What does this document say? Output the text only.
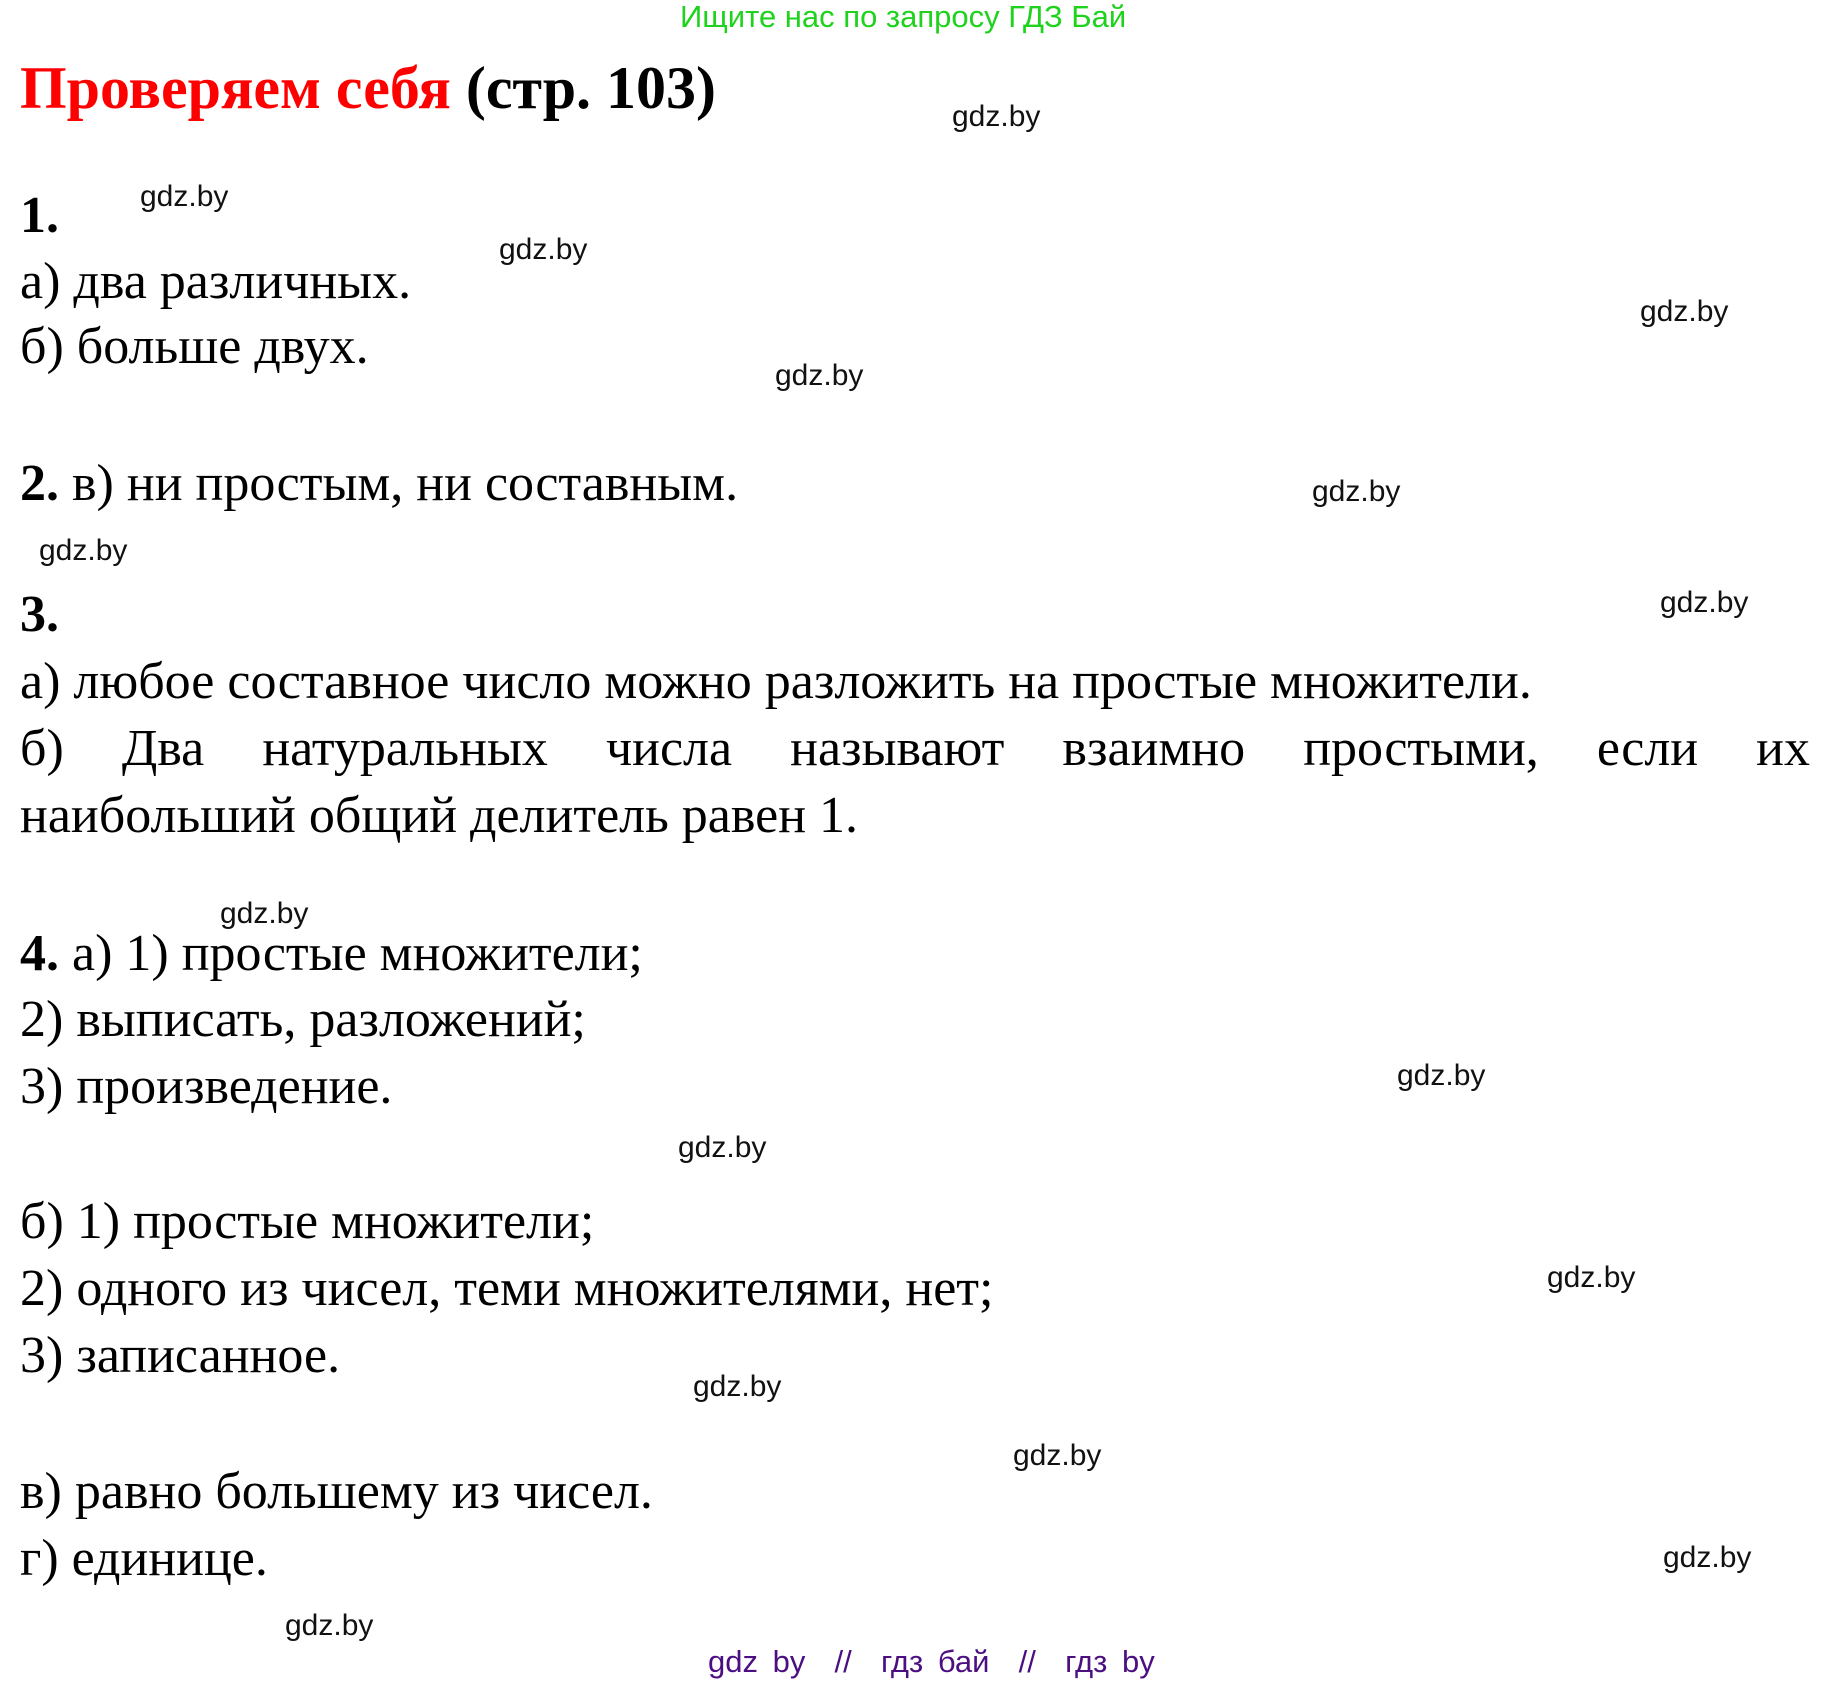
Ищите нас по запросу ГДЗ Бай
Проверяем себя (стр. 103)
1.
а) два различных.
б) больше двух.
2. в) ни простым, ни составным.
3.
а) любое составное число можно разложить на простые множители.
б) Два натуральных числа называют взаимно простыми, если их
наибольший общий делитель равен 1.
4. а) 1) простые множители;
2) выписать, разложений;
3) произведение.
б) 1) простые множители;
2) одного из чисел, теми множителями, нет;
3) записанное.
в) равно большему из чисел.
г) единице.
gdz.by
gdz.by
gdz.by
gdz.by
gdz.by
gdz.by
gdz.by
gdz.by
gdz.by
gdz.by
gdz.by
gdz.by
gdz.by
gdz.by
gdz.by
gdz.by
gdz by  //  гдз бай  //  гдз by
